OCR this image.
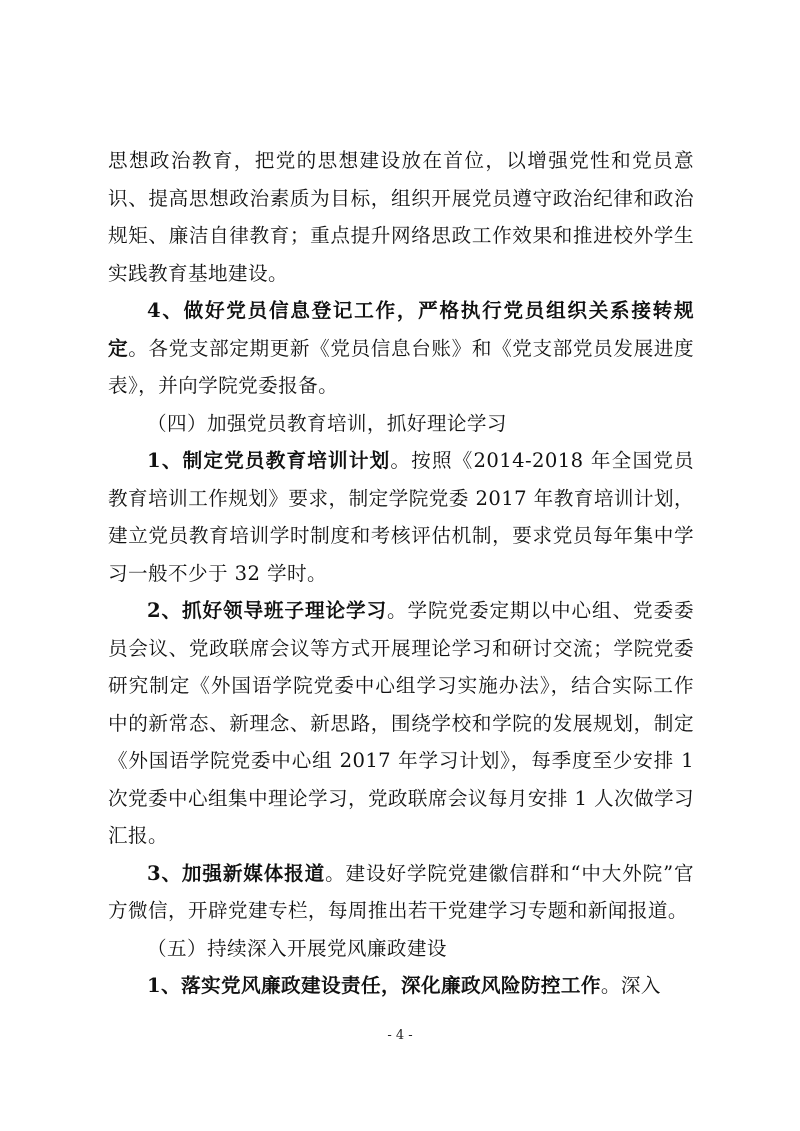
思想政治教育，把党的思想建设放在首位，以增强党性和党员意识、提高思想政治素质为目标，组织开展党员遵守政治纪律和政治规矩、廉洁自律教育；重点提升网络思政工作效果和推进校外学生实践教育基地建设。

4、做好党员信息登记工作，严格执行党员组织关系接转规定。各党支部定期更新《党员信息台账》和《党支部党员发展进度表》，并向学院党委报备。

（四）加强党员教育培训，抓好理论学习

1、制定党员教育培训计划。按照《2014-2018 年全国党员教育培训工作规划》要求，制定学院党委 2017 年教育培训计划，建立党员教育培训学时制度和考核评估机制，要求党员每年集中学习一般不少于 32 学时。

2、抓好领导班子理论学习。学院党委定期以中心组、党委委员会议、党政联席会议等方式开展理论学习和研讨交流；学院党委研究制定《外国语学院党委中心组学习实施办法》，结合实际工作中的新常态、新理念、新思路，围绕学校和学院的发展规划，制定《外国语学院党委中心组 2017 年学习计划》，每季度至少安排 1 次党委中心组集中理论学习，党政联席会议每月安排 1 人次做学习汇报。

3、加强新媒体报道。建设好学院党建徽信群和“中大外院”官方微信，开辟党建专栏，每周推出若干党建学习专题和新闻报道。

（五）持续深入开展党风廉政建设

1、落实党风廉政建设责任，深化廉政风险防控工作。深入

- 4 -
